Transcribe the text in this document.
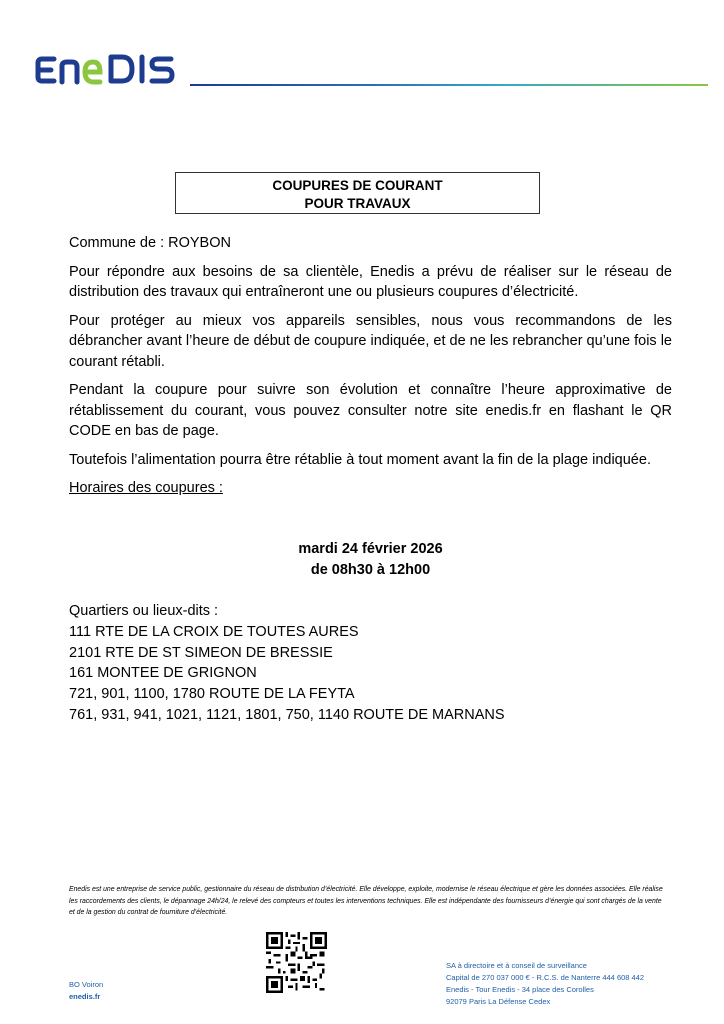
COUPURES DE COURANT
POUR TRAVAUX

Commune de : ROYBON

Pour répondre aux besoins de sa clientèle, Enedis a prévu de réaliser sur le réseau de distribution des travaux qui entraîneront une ou plusieurs coupures d’électricité.

Pour protéger au mieux vos appareils sensibles, nous vous recommandons de les débrancher avant l’heure de début de coupure indiquée, et de ne les rebrancher qu’une fois le courant rétabli.

Pendant la coupure pour suivre son évolution et connaître l’heure approximative de rétablissement du courant, vous pouvez consulter notre site enedis.fr en flashant le QR CODE en bas de page.

Toutefois l’alimentation pourra être rétablie à tout moment avant la fin de la plage indiquée.

Horaires des coupures :

mardi 24 février 2026
de 08h30 à 12h00
Quartiers ou lieux-dits :
111 RTE DE LA CROIX DE TOUTES AURES
2101 RTE DE ST SIMEON DE BRESSIE
161 MONTEE DE GRIGNON
721, 901, 1100, 1780 ROUTE DE LA FEYTA
761, 931, 941, 1021, 1121, 1801, 750, 1140 ROUTE DE MARNANS
Enedis est une entreprise de service public, gestionnaire du réseau de distribution d’électricité. Elle développe, exploite, modernise le réseau électrique et gère les données associées. Elle réalise les raccordements des clients, le dépannage 24h/24, le relevé des compteurs et toutes les interventions techniques. Elle est indépendante des fournisseurs d’énergie qui sont chargés de la vente et de la gestion du contrat de fourniture d’électricité.
BO Voiron
enedis.fr
SA à directoire et à conseil de surveillance
Capital de 270 037 000 € - R.C.S. de Nanterre 444 608 442
Enedis - Tour Enedis - 34 place des Corolles
92079 Paris La Défense Cedex
